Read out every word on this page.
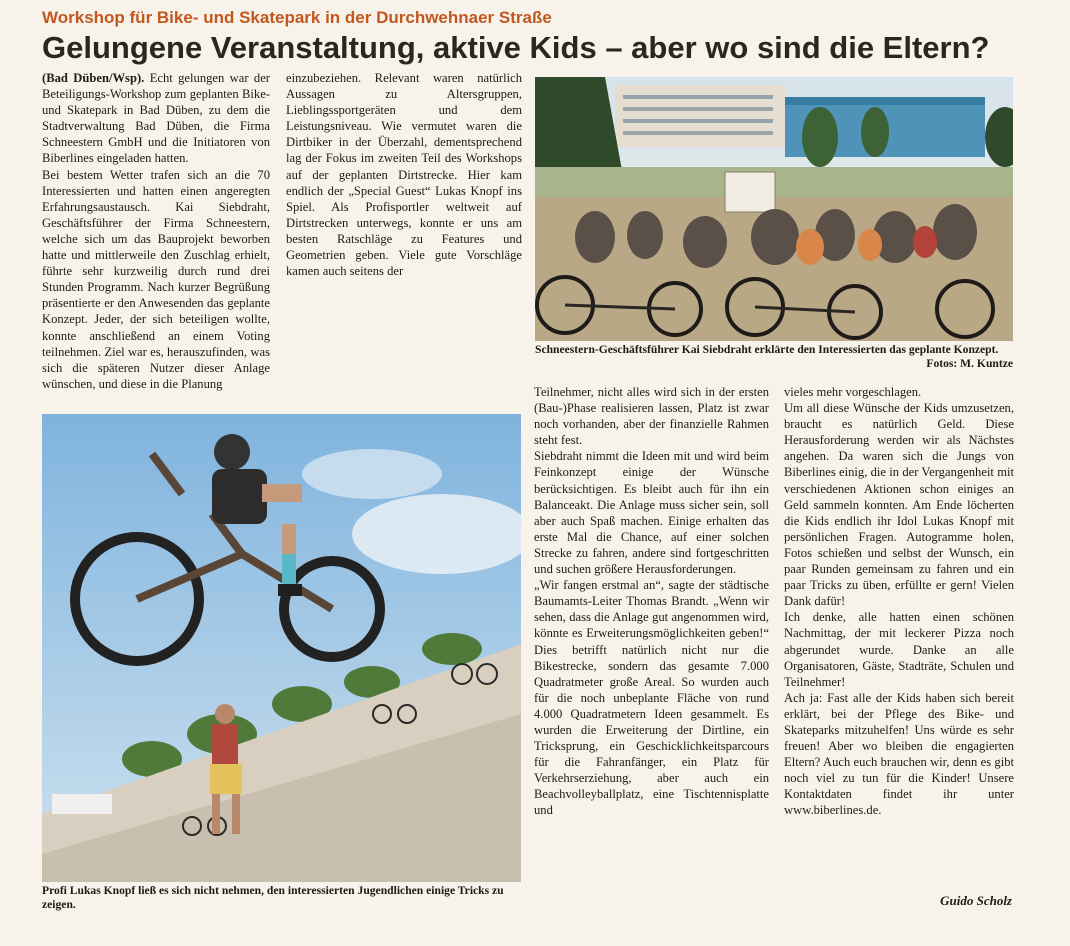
Workshop für Bike- und Skatepark in der Durchwehnaer Straße
Gelungene Veranstaltung, aktive Kids – aber wo sind die Eltern?

(Bad Düben/Wsp). Echt gelungen war der Beteiligungs-Workshop zum geplanten Bike- und Skatepark in Bad Düben, zu dem die Stadtverwaltung Bad Düben, die Firma Schneestern GmbH und die Initiatoren von Biberlines eingeladen hatten.

Bei bestem Wetter trafen sich an die 70 Interessierten und hatten einen angeregten Erfahrungsaustausch. Kai Siebdraht, Geschäftsführer der Firma Schneestern, welche sich um das Bauprojekt beworben hatte und mittlerweile den Zuschlag erhielt, führte sehr kurzweilig durch rund drei Stunden Programm. Nach kurzer Begrüßung präsentierte er den Anwesenden das geplante Konzept. Jeder, der sich beteiligen wollte, konnte anschließend an einem Voting teilnehmen. Ziel war es, herauszufinden, was sich die späteren Nutzer dieser Anlage wünschen, und diese in die Planung

einzubeziehen. Relevant waren natürlich Aussagen zu Altersgruppen, Lieblingssportgeräten und dem Leistungsniveau. Wie vermutet waren die Dirtbiker in der Überzahl, dementsprechend lag der Fokus im zweiten Teil des Workshops auf der geplanten Dirtstrecke. Hier kam endlich der „Special Guest“ Lukas Knopf ins Spiel. Als Profisportler weltweit auf Dirtstrecken unterwegs, konnte er uns am besten Ratschläge zu Features und Geometrien geben. Viele gute Vorschläge kamen auch seitens der

Schneestern-Geschäftsführer Kai Siebdraht erklärte den Interessierten das geplante Konzept.
Fotos: M. Kuntze
Profi Lukas Knopf ließ es sich nicht nehmen, den interessierten Jugendlichen einige Tricks zu zeigen.

Teilnehmer, nicht alles wird sich in der ersten (Bau-)Phase realisieren lassen, Platz ist zwar noch vorhanden, aber der finanzielle Rahmen steht fest.

Siebdraht nimmt die Ideen mit und wird beim Feinkonzept einige der Wünsche berücksichtigen. Es bleibt auch für ihn ein Balanceakt. Die Anlage muss sicher sein, soll aber auch Spaß machen. Einige erhalten das erste Mal die Chance, auf einer solchen Strecke zu fahren, andere sind fortgeschritten und suchen größere Herausforderungen.

„Wir fangen erstmal an“, sagte der städtische Baumamts-Leiter Thomas Brandt. „Wenn wir sehen, dass die Anlage gut angenommen wird, könnte es Erweiterungsmöglichkeiten geben!“ Dies betrifft natürlich nicht nur die Bikestrecke, sondern das gesamte 7.000 Quadratmeter große Areal. So wurden auch für die noch unbeplante Fläche von rund 4.000 Quadratmetern Ideen gesammelt. Es wurden die Erweiterung der Dirtline, ein Tricksprung, ein Geschicklichkeitsparcours für die Fahranfänger, ein Platz für Verkehrserziehung, aber auch ein Beachvolleyballplatz, eine Tischtennisplatte und

vieles mehr vorgeschlagen.

Um all diese Wünsche der Kids umzusetzen, braucht es natürlich Geld. Diese Herausforderung werden wir als Nächstes angehen. Da waren sich die Jungs von Biberlines einig, die in der Vergangenheit mit verschiedenen Aktionen schon einiges an Geld sammeln konnten. Am Ende löcherten die Kids endlich ihr Idol Lukas Knopf mit persönlichen Fragen. Autogramme holen, Fotos schießen und selbst der Wunsch, ein paar Runden gemeinsam zu fahren und ein paar Tricks zu üben, erfüllte er gern! Vielen Dank dafür!

Ich denke, alle hatten einen schönen Nachmittag, der mit leckerer Pizza noch abgerundet wurde. Danke an alle Organisatoren, Gäste, Stadträte, Schulen und Teilnehmer!

Ach ja: Fast alle der Kids haben sich bereit erklärt, bei der Pflege des Bike- und Skateparks mitzuhelfen! Uns würde es sehr freuen! Aber wo bleiben die engagierten Eltern? Auch euch brauchen wir, denn es gibt noch viel zu tun für die Kinder! Unsere Kontaktdaten findet ihr unter www.biberlines.de.

Guido Scholz
